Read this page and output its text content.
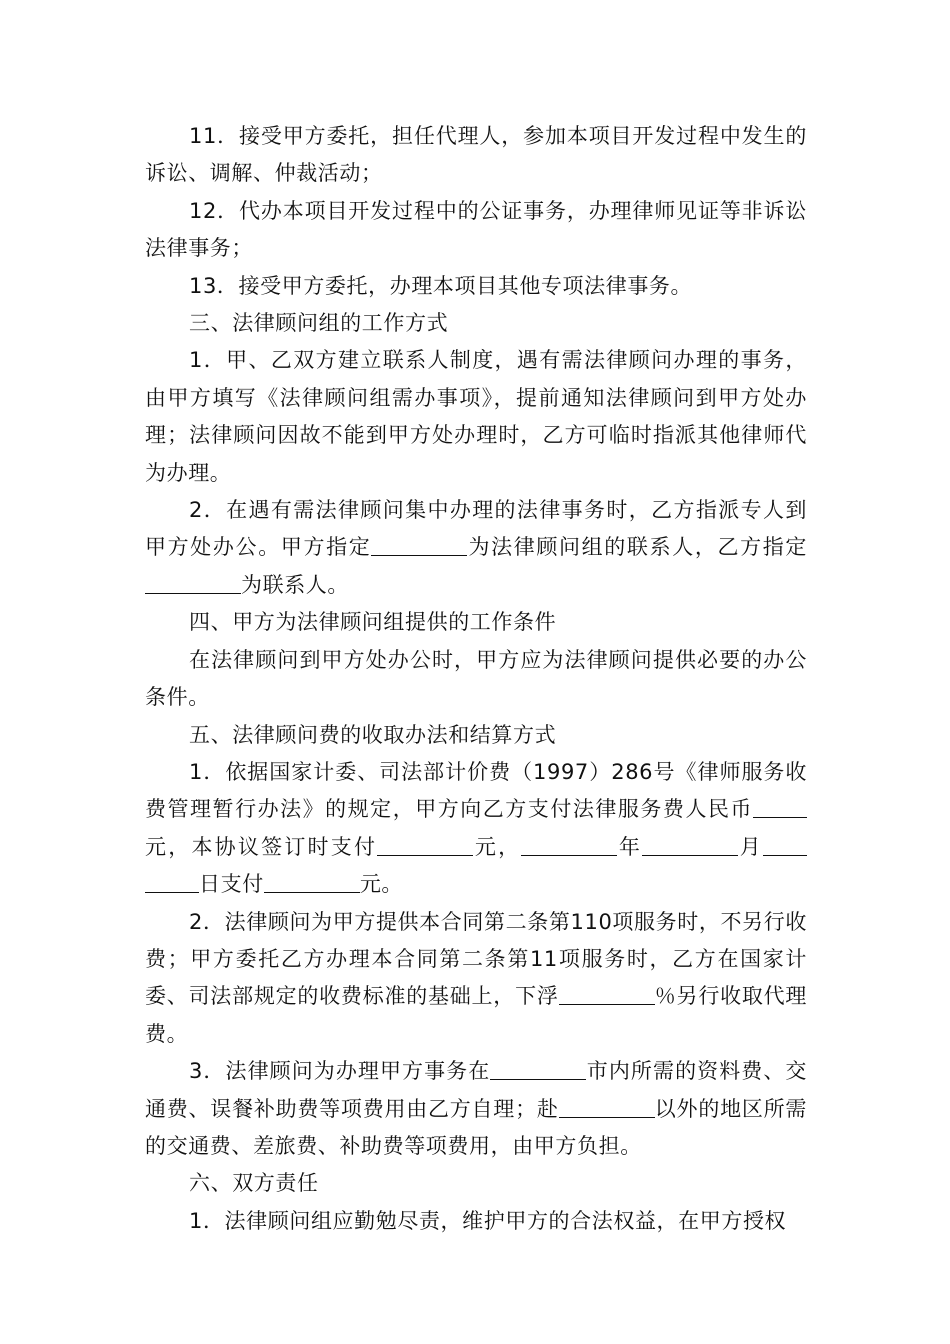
11．接受甲方委托，担任代理人，参加本项目开发过程中发生的诉讼、调解、仲裁活动；

12．代办本项目开发过程中的公证事务，办理律师见证等非诉讼法律事务；

13．接受甲方委托，办理本项目其他专项法律事务。

三、法律顾问组的工作方式

1．甲、乙双方建立联系人制度，遇有需法律顾问办理的事务，由甲方填写《法律顾问组需办事项》，提前通知法律顾问到甲方处办理；法律顾问因故不能到甲方处办理时，乙方可临时指派其他律师代为办理。

2．在遇有需法律顾问集中办理的法律事务时，乙方指派专人到甲方处办公。甲方指定	为法律顾问组的联系人，乙方指定为联系人。

四、甲方为法律顾问组提供的工作条件

在法律顾问到甲方处办公时，甲方应为法律顾问提供必要的办公条件。

五、法律顾问费的收取办法和结算方式

1．依据国家计委、司法部计价费（1997）286号《律师服务收费管理暂行办法》的规定，甲方向乙方支付法律服务费人民币元，本协议签订时支付	元，	年	月日支付	元。

2．法律顾问为甲方提供本合同第二条第110项服务时，不另行收费；甲方委托乙方办理本合同第二条第11项服务时，乙方在国家计委、司法部规定的收费标准的基础上，下浮	％另行收取代理费。

3．法律顾问为办理甲方事务在	市内所需的资料费、交通费、误餐补助费等项费用由乙方自理；赴	以外的地区所需的交通费、差旅费、补助费等项费用，由甲方负担。

六、双方责任

1．法律顾问组应勤勉尽责，维护甲方的合法权益，在甲方授权
